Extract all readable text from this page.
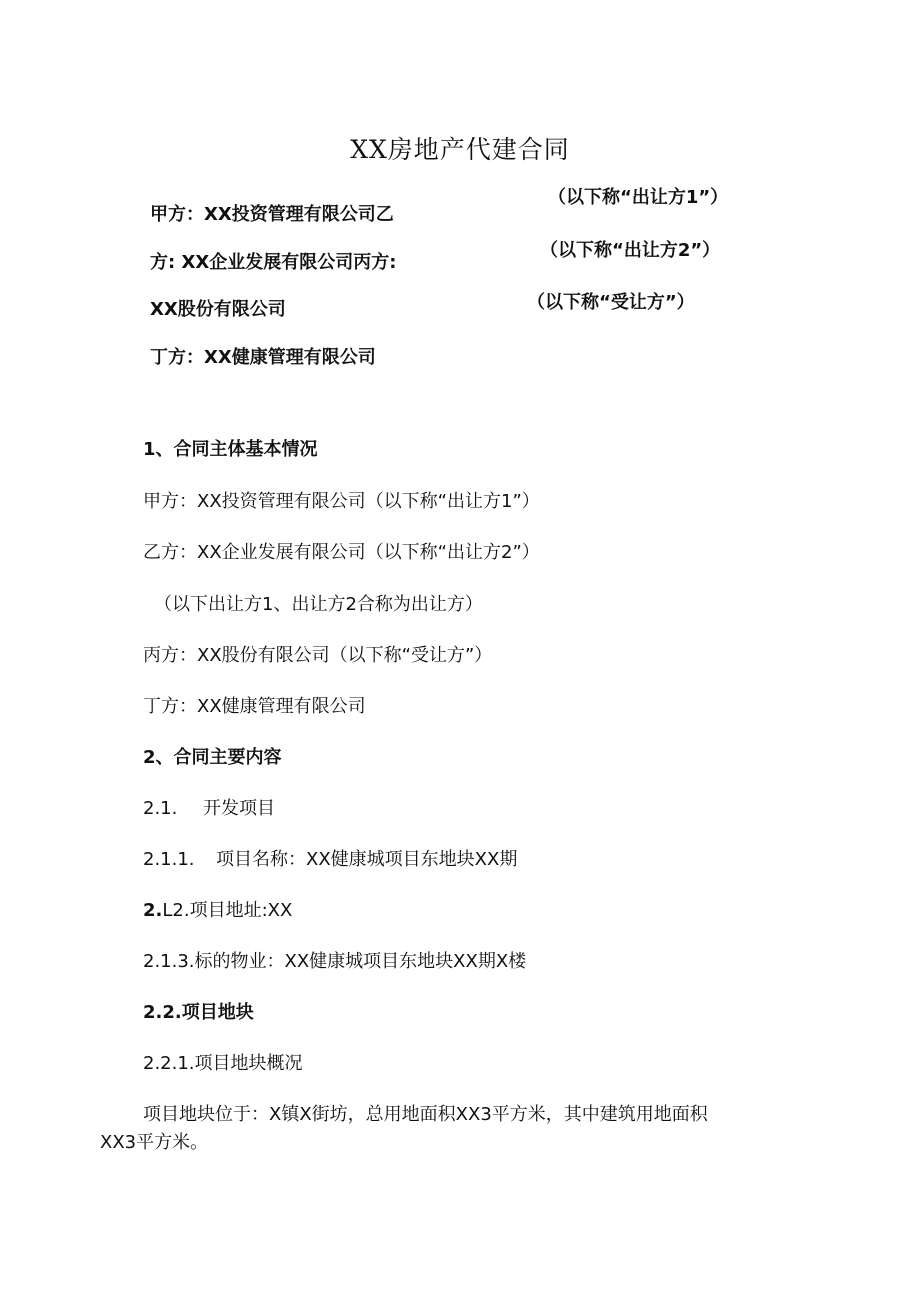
XX房地产代建合同
甲方：XX投资管理有限公司乙
方: XX企业发展有限公司丙方:
XX股份有限公司
丁方：XX健康管理有限公司
（以下称“出让方1”）
（以下称“出让方2”）
（以下称“受让方”）
1、合同主体基本情况
甲方：XX投资管理有限公司（以下称“出让方1”）
乙方：XX企业发展有限公司（以下称“出让方2”）
（以下出让方1、出让方2合称为出让方）
丙方：XX股份有限公司（以下称“受让方”）
丁方：XX健康管理有限公司
2、合同主要内容
2.1. 开发项目
2.1.1. 项目名称：XX健康城项目东地块XX期
2.L2.项目地址:XX
2.1.3.标的物业：XX健康城项目东地块XX期X楼
2.2.项目地块
2.2.1.项目地块概况
项目地块位于：X镇X街坊，总用地面积XX3平方米，其中建筑用地面积
XX3平方米。
